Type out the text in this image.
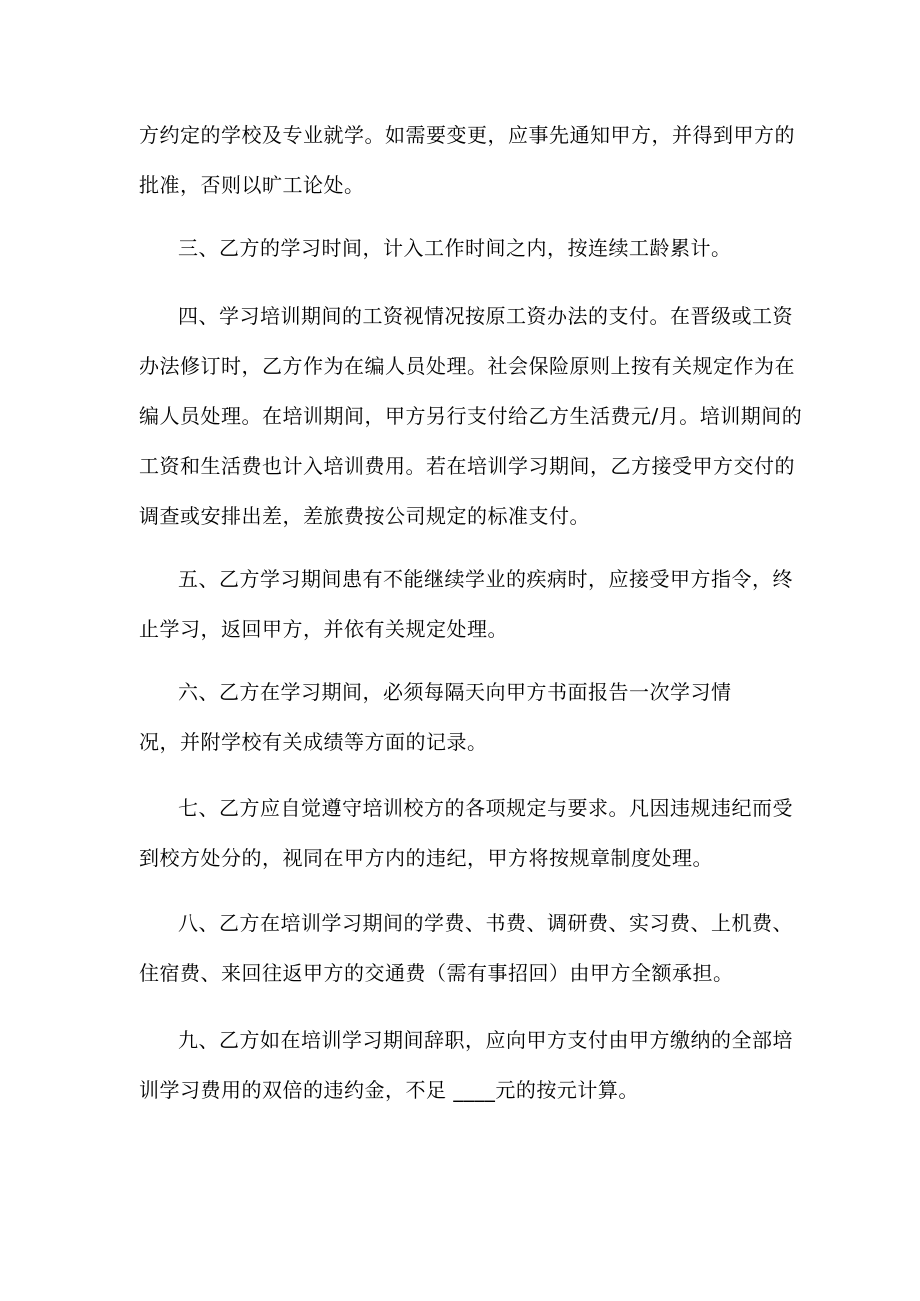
方约定的学校及专业就学。如需要变更，应事先通知甲方，并得到甲方的

批准，否则以旷工论处。

三、乙方的学习时间，计入工作时间之内，按连续工龄累计。

四、学习培训期间的工资视情况按原工资办法的支付。在晋级或工资

办法修订时，乙方作为在编人员处理。社会保险原则上按有关规定作为在

编人员处理。在培训期间，甲方另行支付给乙方生活费元/月。培训期间的

工资和生活费也计入培训费用。若在培训学习期间，乙方接受甲方交付的

调查或安排出差，差旅费按公司规定的标准支付。

五、乙方学习期间患有不能继续学业的疾病时，应接受甲方指令，终

止学习，返回甲方，并依有关规定处理。

六、乙方在学习期间，必须每隔天向甲方书面报告一次学习情

况，并附学校有关成绩等方面的记录。

七、乙方应自觉遵守培训校方的各项规定与要求。凡因违规违纪而受

到校方处分的，视同在甲方内的违纪，甲方将按规章制度处理。

八、乙方在培训学习期间的学费、书费、调研费、实习费、上机费、

住宿费、来回往返甲方的交通费（需有事招回）由甲方全额承担。

九、乙方如在培训学习期间辞职，应向甲方支付由甲方缴纳的全部培

训学习费用的双倍的违约金，不足 ____元的按元计算。
